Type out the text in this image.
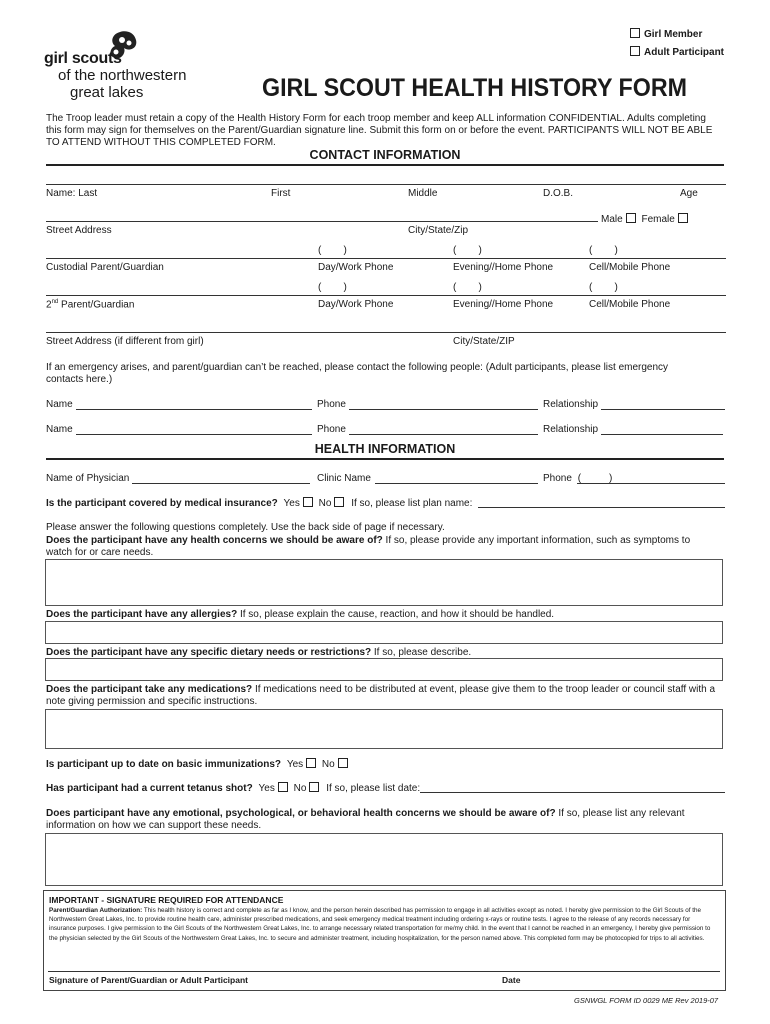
Girl Member
Adult Participant
girl scouts
of the northwestern
great lakes	GIRL SCOUT HEALTH HISTORY FORM
The Troop leader must retain a copy of the Health History Form for each troop member and keep ALL information CONFIDENTIAL. Adults completing
this form may sign for themselves on the Parent/Guardian signature line. Submit this form on or before the event. PARTICIPANTS WILL NOT BE ABLE
TO ATTEND WITHOUT THIS COMPLETED FORM.
CONTACT INFORMATION
Name: Last	First	Middle	D.O.B.	Age
Male Female
Street Address	City/State/Zip
(        )	(        )	(        )
Custodial Parent/Guardian	Day/Work Phone	Evening//Home Phone	Cell/Mobile Phone
(        )	(        )	(        )
2nd Parent/Guardian	Day/Work Phone	Evening//Home Phone	Cell/Mobile Phone
Street Address (if different from girl)	City/State/ZIP
If an emergency arises, and parent/guardian can’t be reached, please contact the following people: (Adult participants, please list emergency
contacts here.)
Name	Phone	Relationship
Name	Phone	Relationship
HEALTH INFORMATION
Name of Physician	Clinic Name	Phone (	)
Is the participant covered by medical insurance? Yes No If so, please list plan name:
Please answer the following questions completely. Use the back side of page if necessary.
Does the participant have any health concerns we should be aware of? If so, please provide any important information, such as symptoms to
watch for or care needs.
Does the participant have any allergies? If so, please explain the cause, reaction, and how it should be handled.
Does the participant have any specific dietary needs or restrictions? If so, please describe.
Does the participant take any medications? If medications need to be distributed at event, please give them to the troop leader or council staff with a
note giving permission and specific instructions.
Is participant up to date on basic immunizations? Yes No
Has participant had a current tetanus shot? Yes No If so, please list date:
Does participant have any emotional, psychological, or behavioral health concerns we should be aware of? If so, please list any relevant
information on how we can support these needs.
IMPORTANT - SIGNATURE REQUIRED FOR ATTENDANCE
Parent/Guardian Authorization: This health history is correct and complete as far as I know, and the person herein described has permission to engage in all activities except as noted. I hereby give permission to the Girl Scouts of the Northwestern Great Lakes, Inc. to provide routine health care, administer prescribed medications, and seek emergency medical treatment including ordering x-rays or routine tests. I agree to the release of any records necessary for insurance purposes. I give permission to the Girl Scouts of the Northwestern Great Lakes, Inc. to arrange necessary related transportation for me/my child. In the event that I cannot be reached in an emergency, I hereby give permission to the physician selected by the Girl Scouts of the Northwestern Great Lakes, Inc. to secure and administer treatment, including hospitalization, for the person named above. This completed form may be photocopied for trips to all activities.
Signature of Parent/Guardian or Adult Participant	Date
GSNWGL FORM ID 0029 ME Rev 2019-07
